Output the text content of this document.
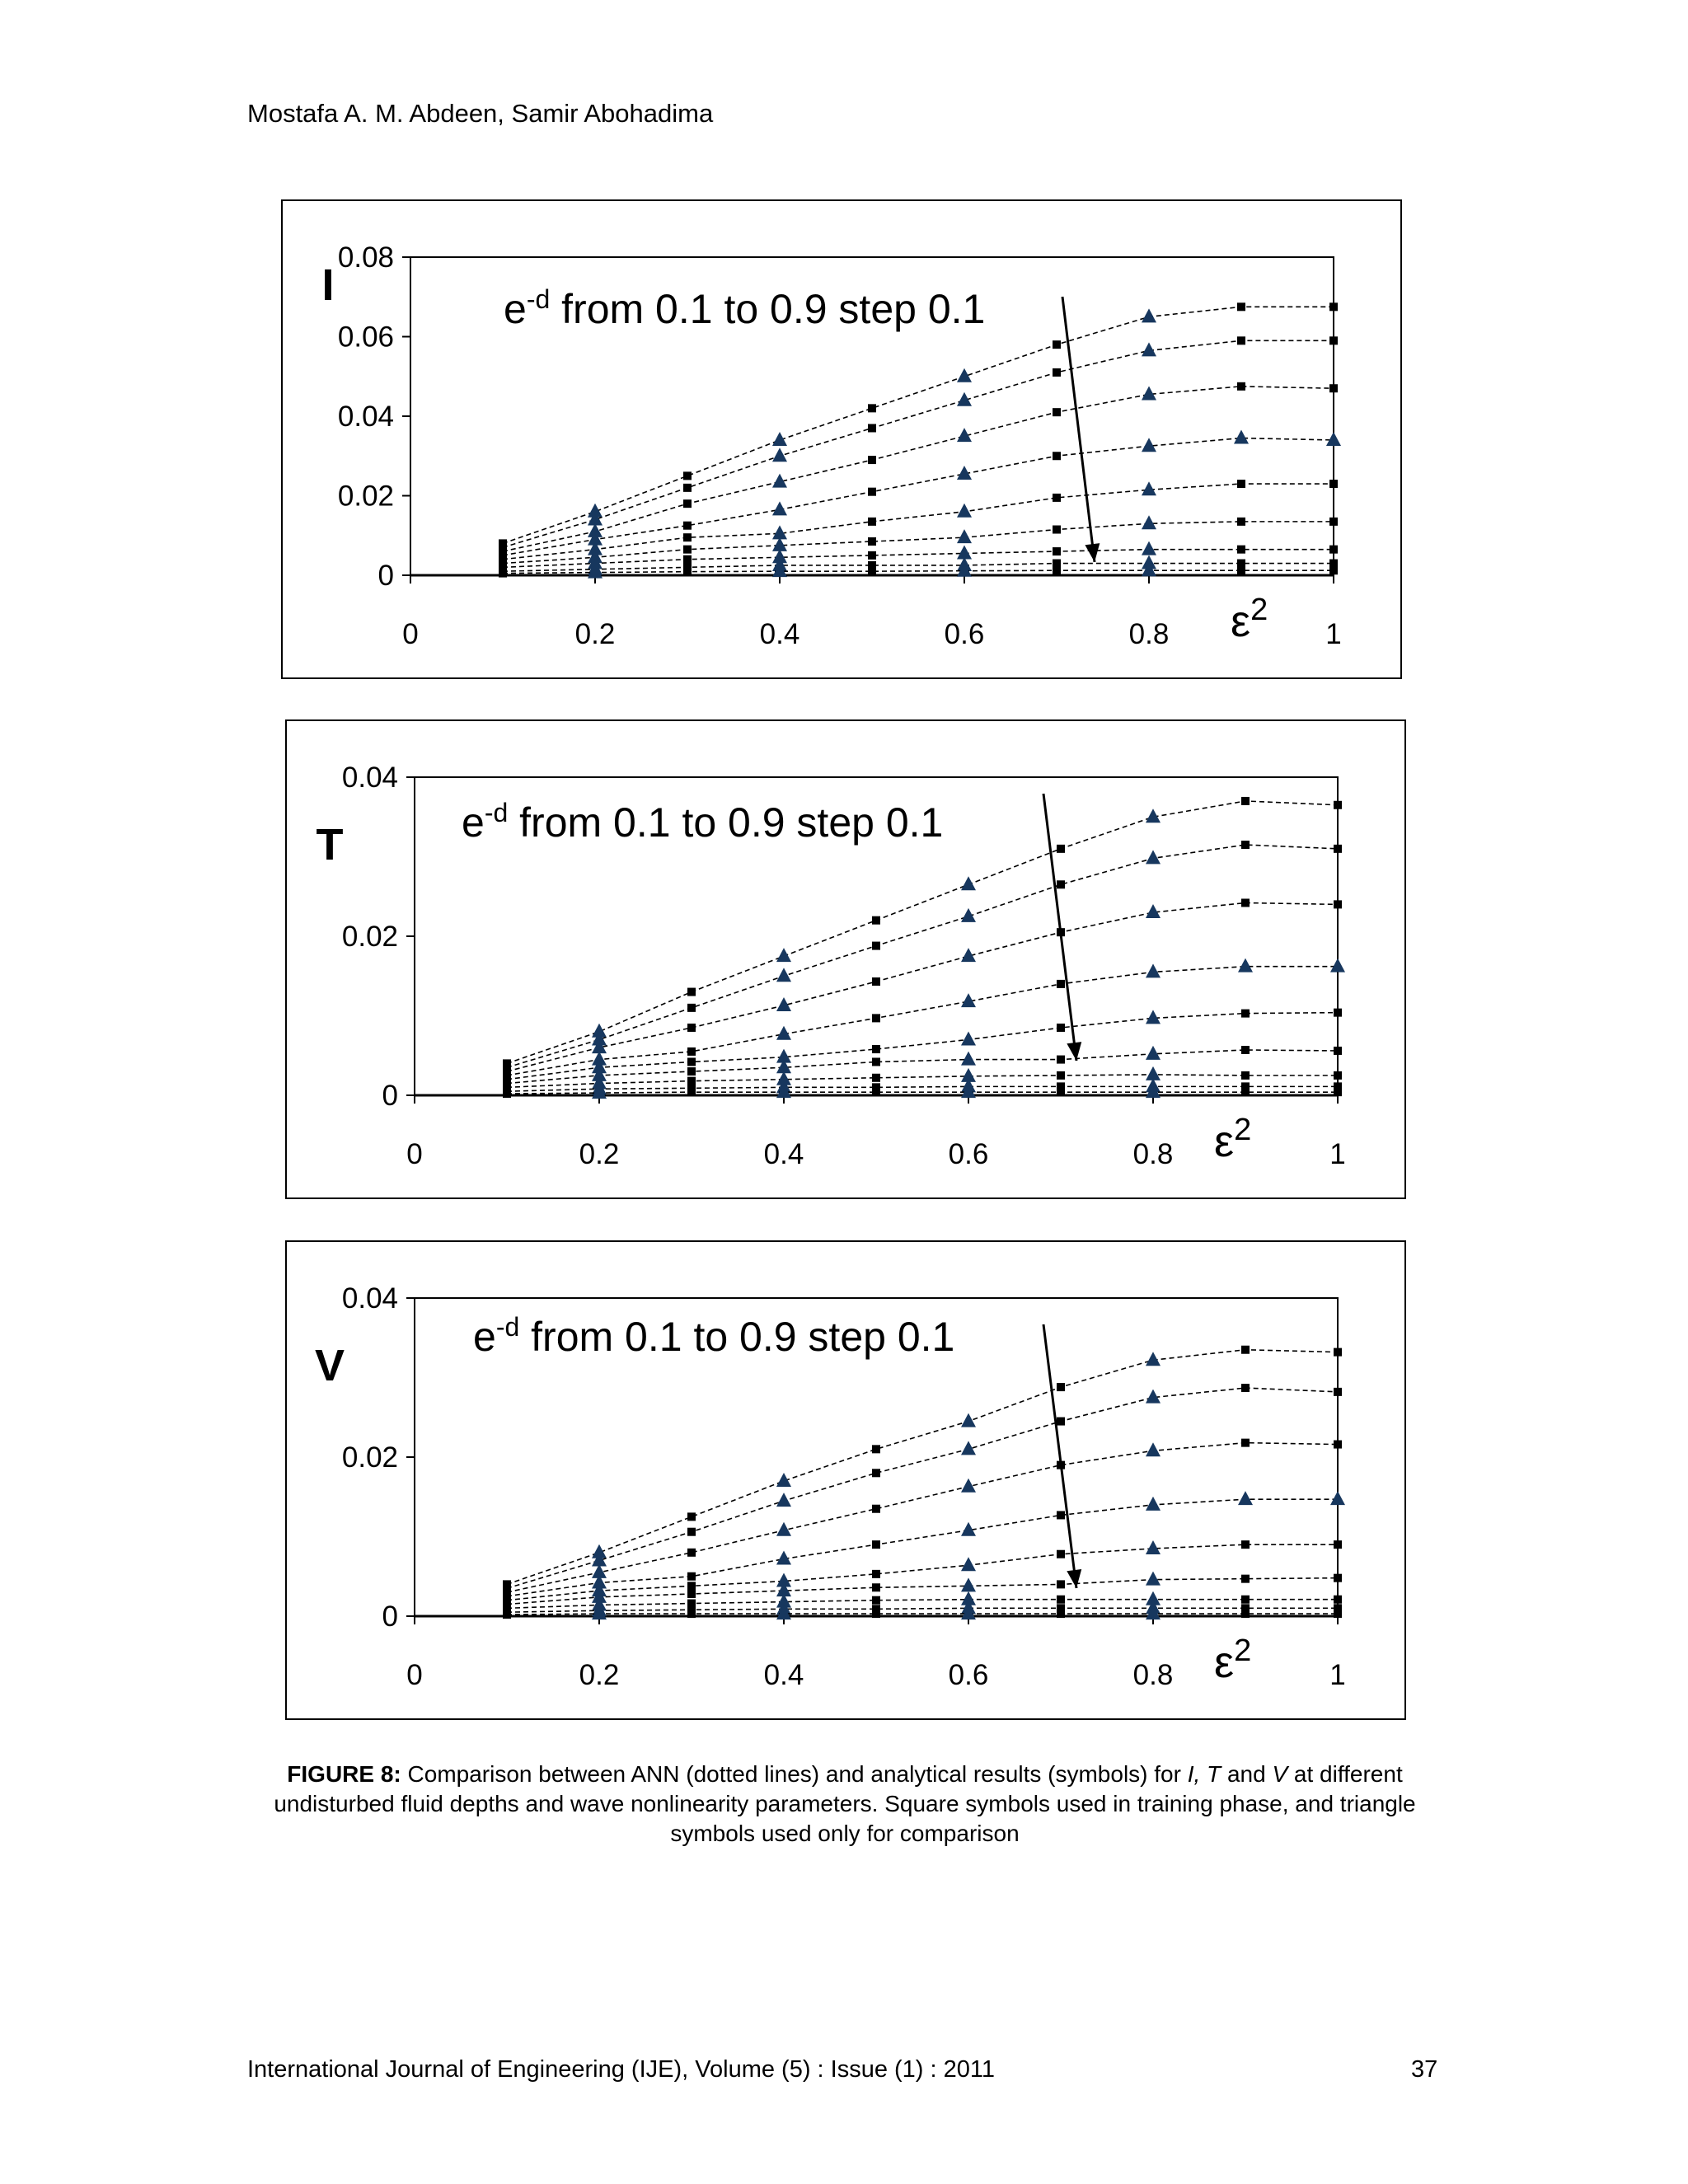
Mostafa A. M. Abdeen, Samir Abohadima
0
0.02
0.04
0.06
0.08
0	0.2	0.4	0.6	0.8	1
I	$e^{-d}$ from 0.1 to 0.9 step 0.1
$\varepsilon^2$
0
0.02
0.04
0	0.2	0.4	0.6	0.8	1
T	$e^{-d}$ from 0.1 to 0.9 step 0.1
$\varepsilon^2$
0
0.02
0.04
0	0.2	0.4	0.6	0.8	1
V
$e^{-d}$ from 0.1 to 0.9 step 0.1
$\varepsilon^2$
FIGURE 8: Comparison between ANN (dotted lines) and analytical results (symbols) for I, T and V at different undisturbed fluid depths and wave nonlinearity parameters. Square symbols used in training phase, and triangle symbols used only for comparison
International Journal of Engineering (IJE), Volume (5) : Issue (1) : 2011	37
